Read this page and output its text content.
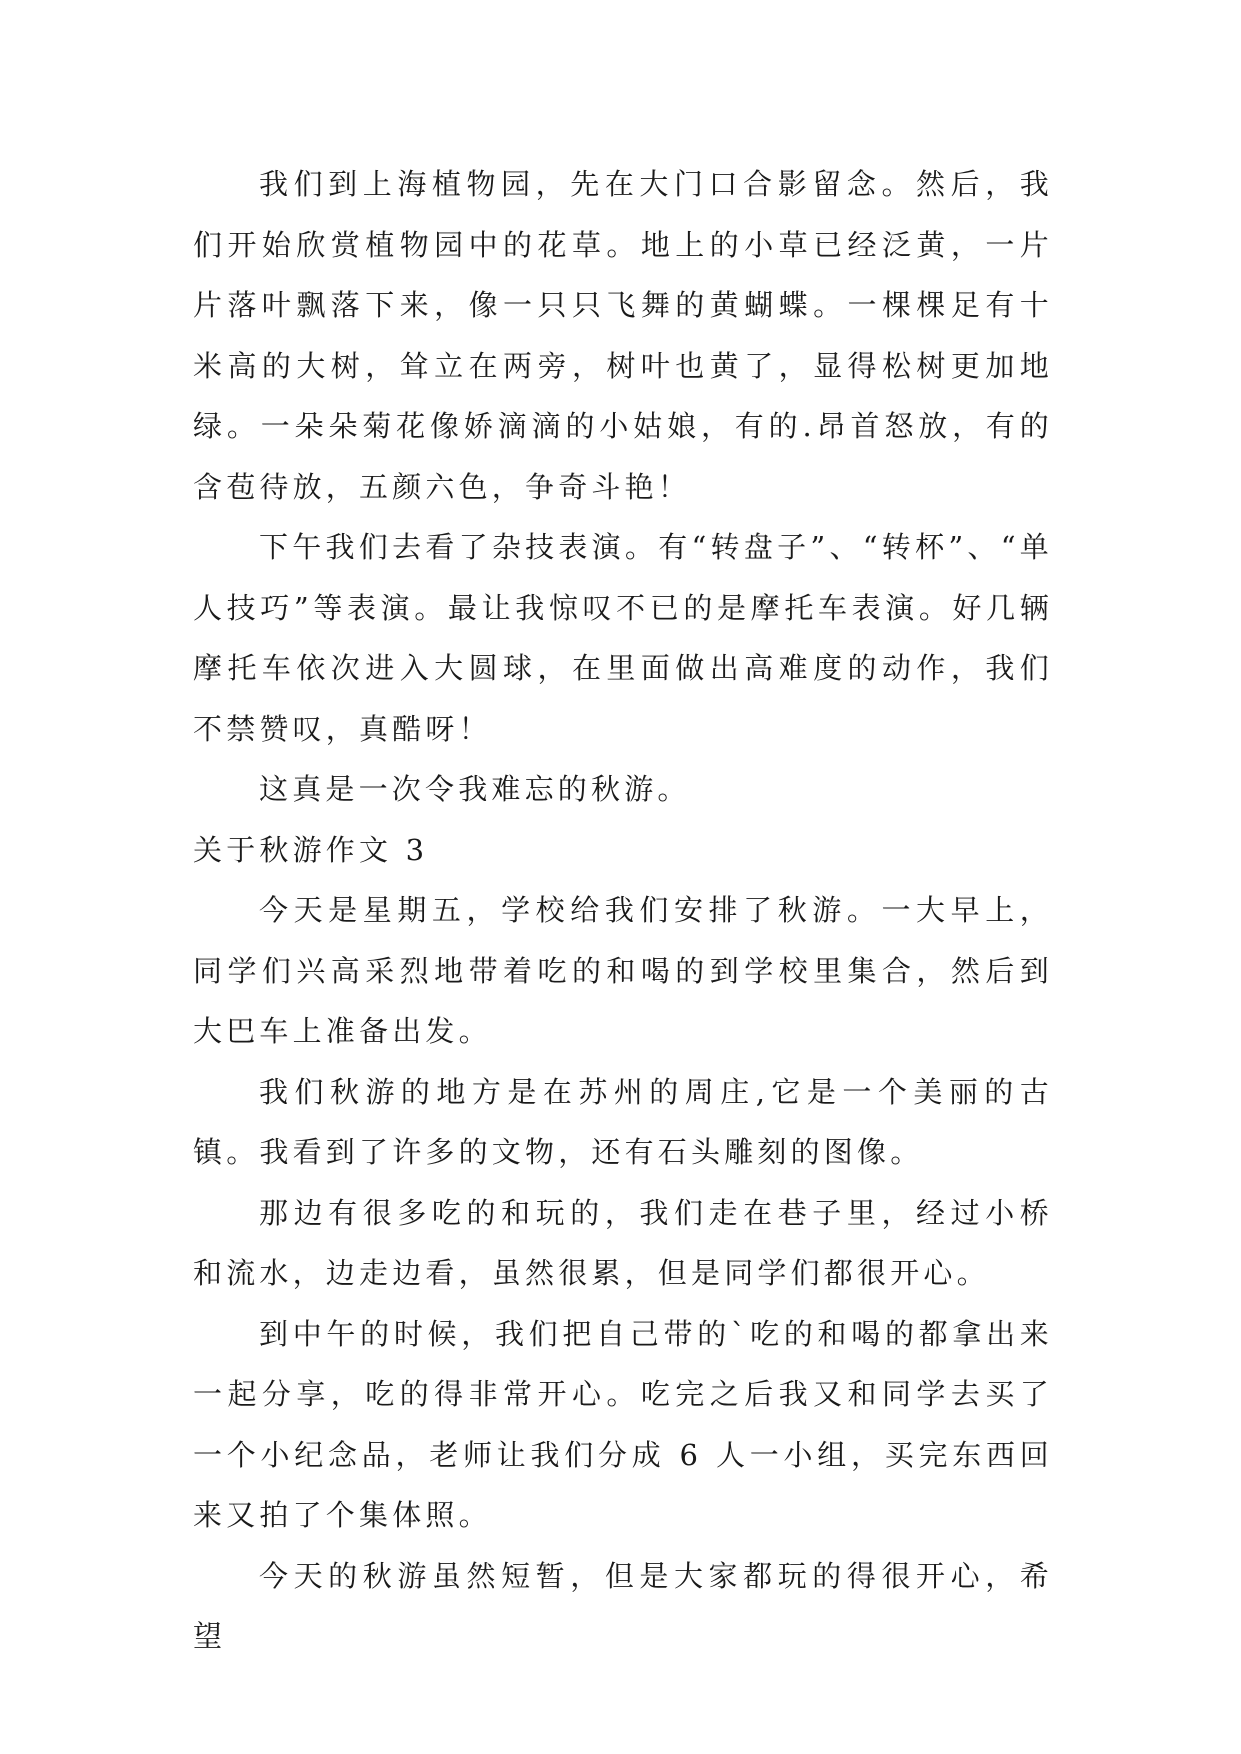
我们到上海植物园，先在大门口合影留念。然后，我们开始欣赏植物园中的花草。地上的小草已经泛黄，一片片落叶飘落下来，像一只只飞舞的黄蝴蝶。一棵棵足有十米高的大树，耸立在两旁，树叶也黄了，显得松树更加地绿。一朵朵菊花像娇滴滴的小姑娘，有的.昂首怒放，有的含苞待放，五颜六色，争奇斗艳！

下午我们去看了杂技表演。有“转盘子”、“转杯”、“单人技巧”等表演。最让我惊叹不已的是摩托车表演。好几辆摩托车依次进入大圆球，在里面做出高难度的动作，我们不禁赞叹，真酷呀！

这真是一次令我难忘的秋游。

关于秋游作文 3

今天是星期五，学校给我们安排了秋游。一大早上，同学们兴高采烈地带着吃的和喝的到学校里集合，然后到大巴车上准备出发。

我们秋游的地方是在苏州的周庄,它是一个美丽的古镇。我看到了许多的文物，还有石头雕刻的图像。

那边有很多吃的和玩的，我们走在巷子里，经过小桥和流水，边走边看，虽然很累，但是同学们都很开心。

到中午的时候，我们把自己带的`吃的和喝的都拿出来一起分享，吃的得非常开心。吃完之后我又和同学去买了一个小纪念品，老师让我们分成 6 人一小组，买完东西回来又拍了个集体照。

今天的秋游虽然短暂，但是大家都玩的得很开心，希望
